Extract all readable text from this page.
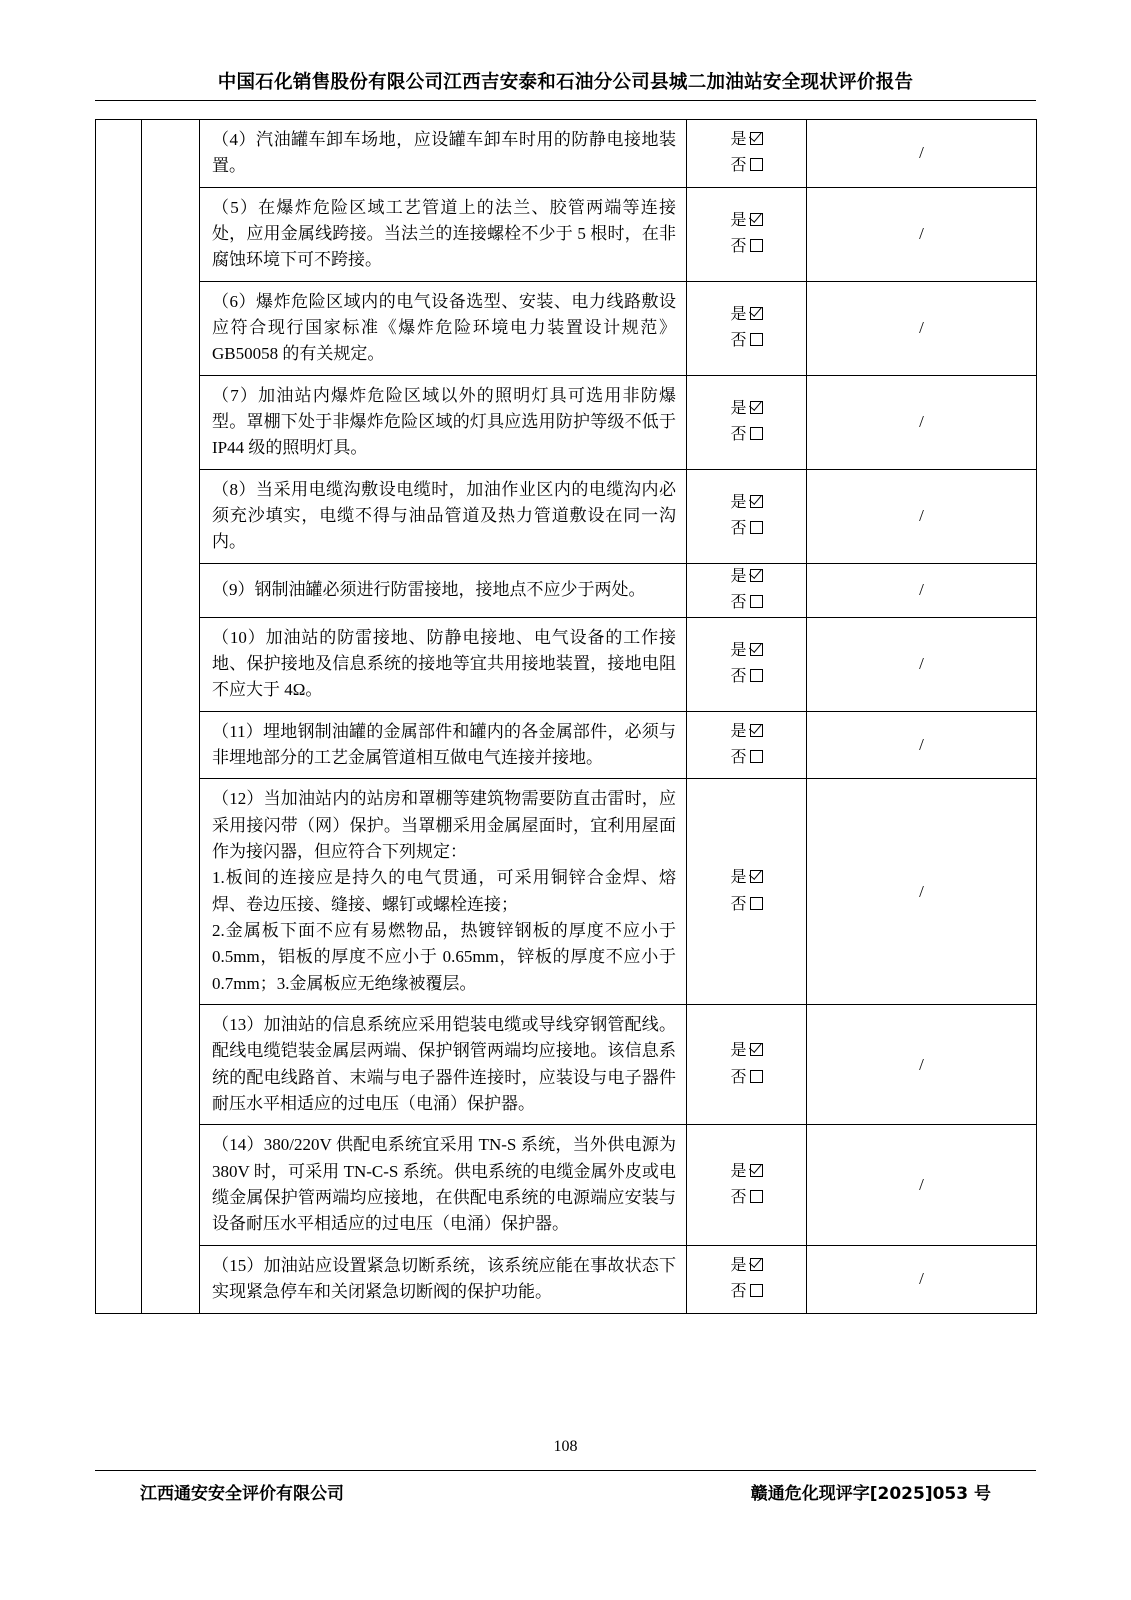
中国石化销售股份有限公司江西吉安泰和石油分公司县城二加油站安全现状评价报告

		（4）汽油罐车卸车场地，应设罐车卸车时用的防静电接地装置。	是
否	/

		（5）在爆炸危险区域工艺管道上的法兰、胶管两端等连接处，应用金属线跨接。当法兰的连接螺栓不少于 5 根时，在非腐蚀环境下可不跨接。	是
否	/

		（6）爆炸危险区域内的电气设备选型、安装、电力线路敷设应符合现行国家标准《爆炸危险环境电力装置设计规范》GB50058 的有关规定。	是
否	/

		（7）加油站内爆炸危险区域以外的照明灯具可选用非防爆型。罩棚下处于非爆炸危险区域的灯具应选用防护等级不低于 IP44 级的照明灯具。	是
否	/

		（8）当采用电缆沟敷设电缆时，加油作业区内的电缆沟内必须充沙填实，电缆不得与油品管道及热力管道敷设在同一沟内。	是
否	/

		（9）钢制油罐必须进行防雷接地，接地点不应少于两处。	是
否	/

		（10）加油站的防雷接地、防静电接地、电气设备的工作接地、保护接地及信息系统的接地等宜共用接地装置，接地电阻不应大于 4Ω。	是
否	/

		（11）埋地钢制油罐的金属部件和罐内的各金属部件，必须与非埋地部分的工艺金属管道相互做电气连接并接地。	是
否	/

		（12）当加油站内的站房和罩棚等建筑物需要防直击雷时，应采用接闪带（网）保护。当罩棚采用金属屋面时，宜利用屋面作为接闪器，但应符合下列规定：
1.板间的连接应是持久的电气贯通，可采用铜锌合金焊、熔焊、卷边压接、缝接、螺钉或螺栓连接；
2.金属板下面不应有易燃物品，热镀锌钢板的厚度不应小于 0.5mm，铝板的厚度不应小于 0.65mm，锌板的厚度不应小于 0.7mm；3.金属板应无绝缘被覆层。	是
否	/

		（13）加油站的信息系统应采用铠装电缆或导线穿钢管配线。配线电缆铠装金属层两端、保护钢管两端均应接地。该信息系统的配电线路首、末端与电子器件连接时，应装设与电子器件耐压水平相适应的过电压（电涌）保护器。	是
否	/

		（14）380/220V 供配电系统宜采用 TN-S 系统，当外供电源为 380V 时，可采用 TN-C-S 系统。供电系统的电缆金属外皮或电缆金属保护管两端均应接地，在供配电系统的电源端应安装与设备耐压水平相适应的过电压（电涌）保护器。	是
否	/

		（15）加油站应设置紧急切断系统，该系统应能在事故状态下实现紧急停车和关闭紧急切断阀的保护功能。	是
否	/
108
江西通安安全评价有限公司	赣通危化现评字[2025]053 号
